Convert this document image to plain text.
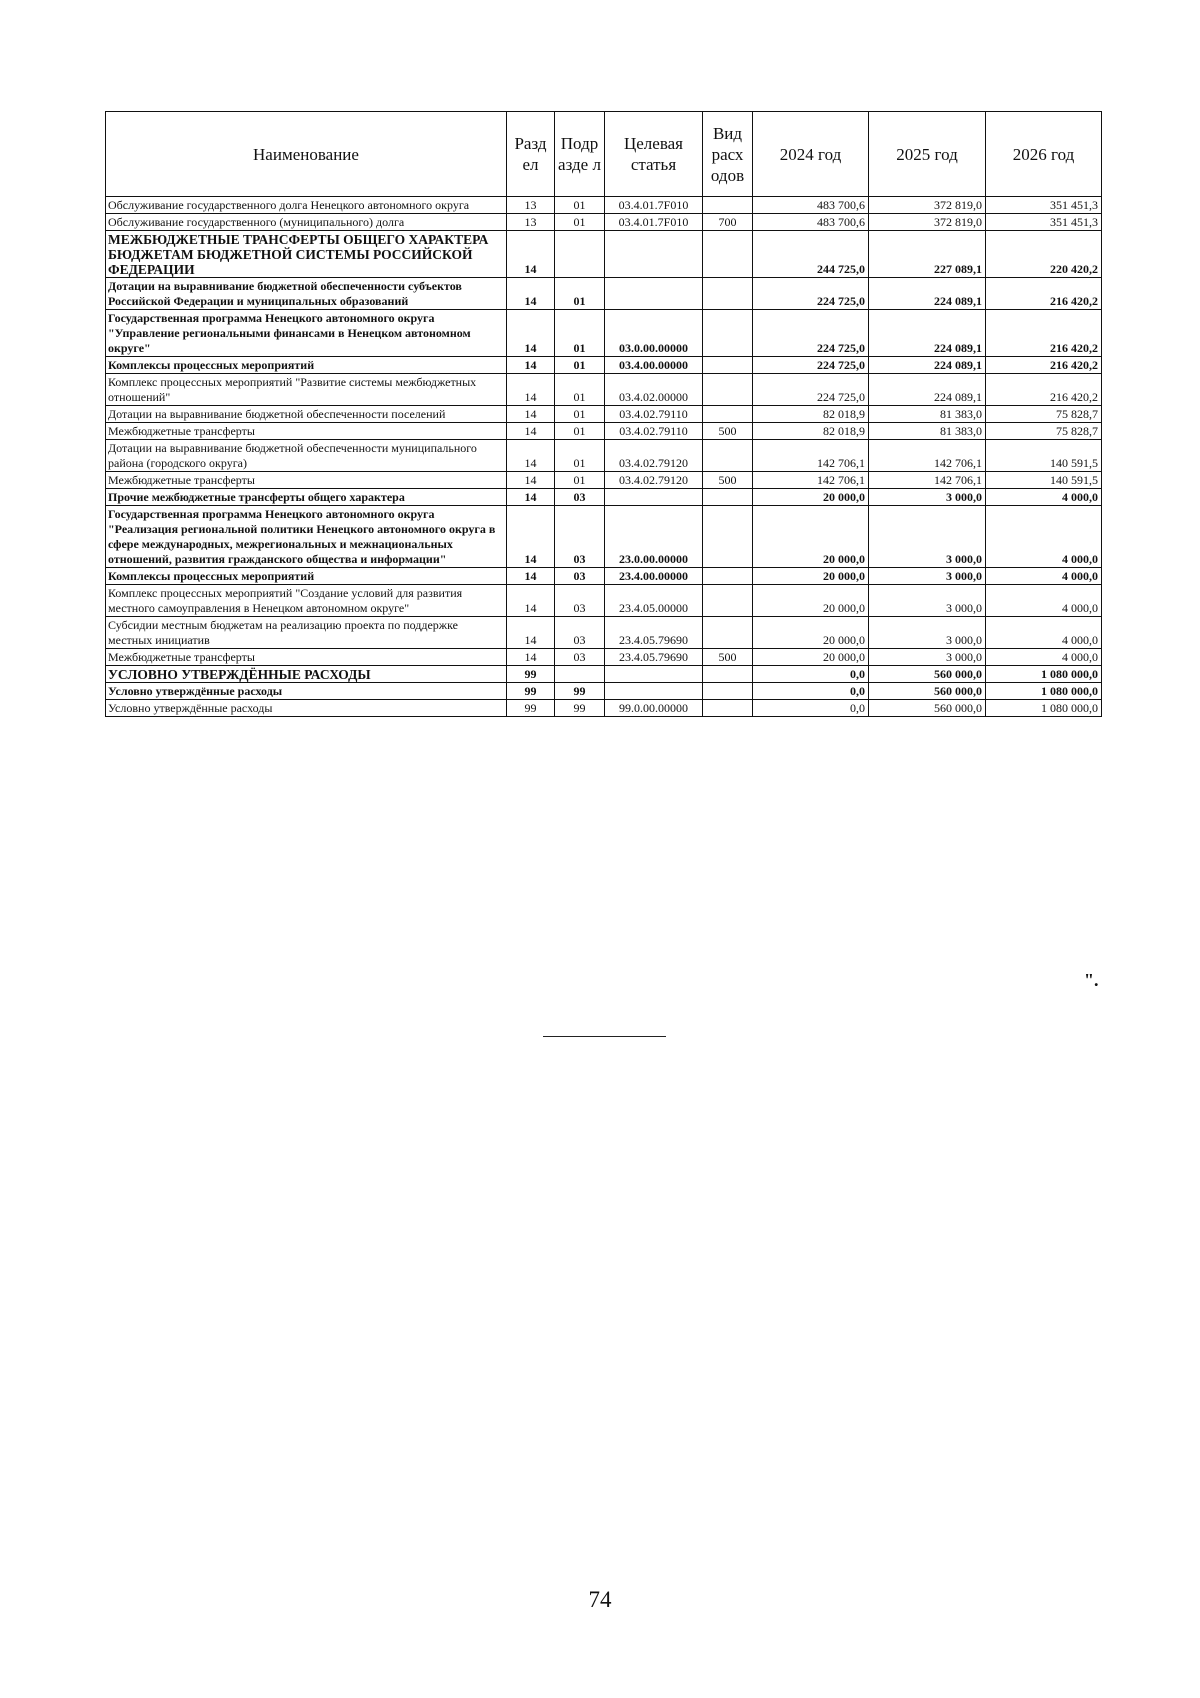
Наименование	Разд ел	Подр азде л	Целевая статья	Вид расх одов	2024 год	2025 год	2026 год
Обслуживание государственного долга Ненецкого автономного округа	13	01	03.4.01.7F010		483 700,6	372 819,0	351 451,3
Обслуживание государственного (муниципального) долга	13	01	03.4.01.7F010	700	483 700,6	372 819,0	351 451,3
МЕЖБЮДЖЕТНЫЕ ТРАНСФЕРТЫ ОБЩЕГО ХАРАКТЕРА БЮДЖЕТАМ БЮДЖЕТНОЙ СИСТЕМЫ РОССИЙСКОЙ ФЕДЕРАЦИИ	14				244 725,0	227 089,1	220 420,2
Дотации на выравнивание бюджетной обеспеченности субъектов Российской Федерации и муниципальных образований	14	01			224 725,0	224 089,1	216 420,2
Государственная программа Ненецкого автономного округа "Управление региональными финансами в Ненецком автономном округе"	14	01	03.0.00.00000		224 725,0	224 089,1	216 420,2
Комплексы процессных мероприятий	14	01	03.4.00.00000		224 725,0	224 089,1	216 420,2
Комплекс процессных мероприятий "Развитие системы межбюджетных отношений"	14	01	03.4.02.00000		224 725,0	224 089,1	216 420,2
Дотации на выравнивание бюджетной обеспеченности поселений	14	01	03.4.02.79110		82 018,9	81 383,0	75 828,7
Межбюджетные трансферты	14	01	03.4.02.79110	500	82 018,9	81 383,0	75 828,7
Дотации на выравнивание бюджетной обеспеченности муниципального района (городского округа)	14	01	03.4.02.79120		142 706,1	142 706,1	140 591,5
Межбюджетные трансферты	14	01	03.4.02.79120	500	142 706,1	142 706,1	140 591,5
Прочие межбюджетные трансферты общего характера	14	03			20 000,0	3 000,0	4 000,0
Государственная программа Ненецкого автономного округа "Реализация региональной политики Ненецкого автономного округа в сфере международных, межрегиональных и межнациональных отношений, развития гражданского общества и информации"	14	03	23.0.00.00000		20 000,0	3 000,0	4 000,0
Комплексы процессных мероприятий	14	03	23.4.00.00000		20 000,0	3 000,0	4 000,0
Комплекс процессных мероприятий "Создание условий для развития местного самоуправления в Ненецком автономном округе"	14	03	23.4.05.00000		20 000,0	3 000,0	4 000,0
Субсидии местным бюджетам на реализацию проекта по поддержке местных инициатив	14	03	23.4.05.79690		20 000,0	3 000,0	4 000,0
Межбюджетные трансферты	14	03	23.4.05.79690	500	20 000,0	3 000,0	4 000,0
УСЛОВНО УТВЕРЖДЁННЫЕ РАСХОДЫ	99				0,0	560 000,0	1 080 000,0
Условно утверждённые расходы	99	99			0,0	560 000,0	1 080 000,0
Условно утверждённые расходы	99	99	99.0.00.00000		0,0	560 000,0	1 080 000,0
".
74
